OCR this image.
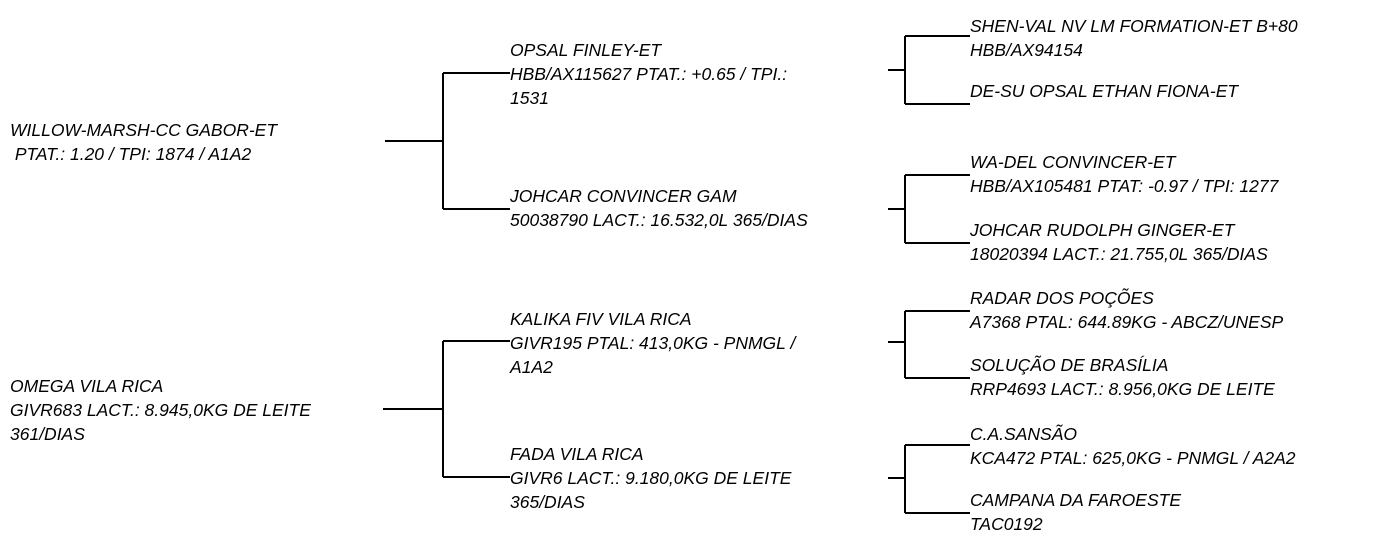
WILLOW-MARSH-CC GABOR-ET
PTAT.: 1.20 / TPI: 1874 / A1A2
OMEGA VILA RICA
GIVR683 LACT.: 8.945,0KG DE LEITE
361/DIAS
OPSAL FINLEY-ET
HBB/AX115627 PTAT.: +0.65 / TPI.:
1531
JOHCAR CONVINCER GAM
50038790 LACT.: 16.532,0L 365/DIAS
KALIKA FIV VILA RICA
GIVR195 PTAL: 413,0KG - PNMGL /
A1A2
FADA VILA RICA
GIVR6 LACT.: 9.180,0KG DE LEITE
365/DIAS
SHEN-VAL NV LM FORMATION-ET B+80
HBB/AX94154
DE-SU OPSAL ETHAN FIONA-ET
WA-DEL CONVINCER-ET
HBB/AX105481 PTAT: -0.97 / TPI: 1277
JOHCAR RUDOLPH GINGER-ET
18020394 LACT.: 21.755,0L 365/DIAS
RADAR DOS POÇÕES
A7368 PTAL: 644.89KG - ABCZ/UNESP
SOLUÇÃO DE BRASÍLIA
RRP4693 LACT.: 8.956,0KG DE LEITE
C.A.SANSÃO
KCA472 PTAL: 625,0KG - PNMGL / A2A2
CAMPANA DA FAROESTE
TAC0192
